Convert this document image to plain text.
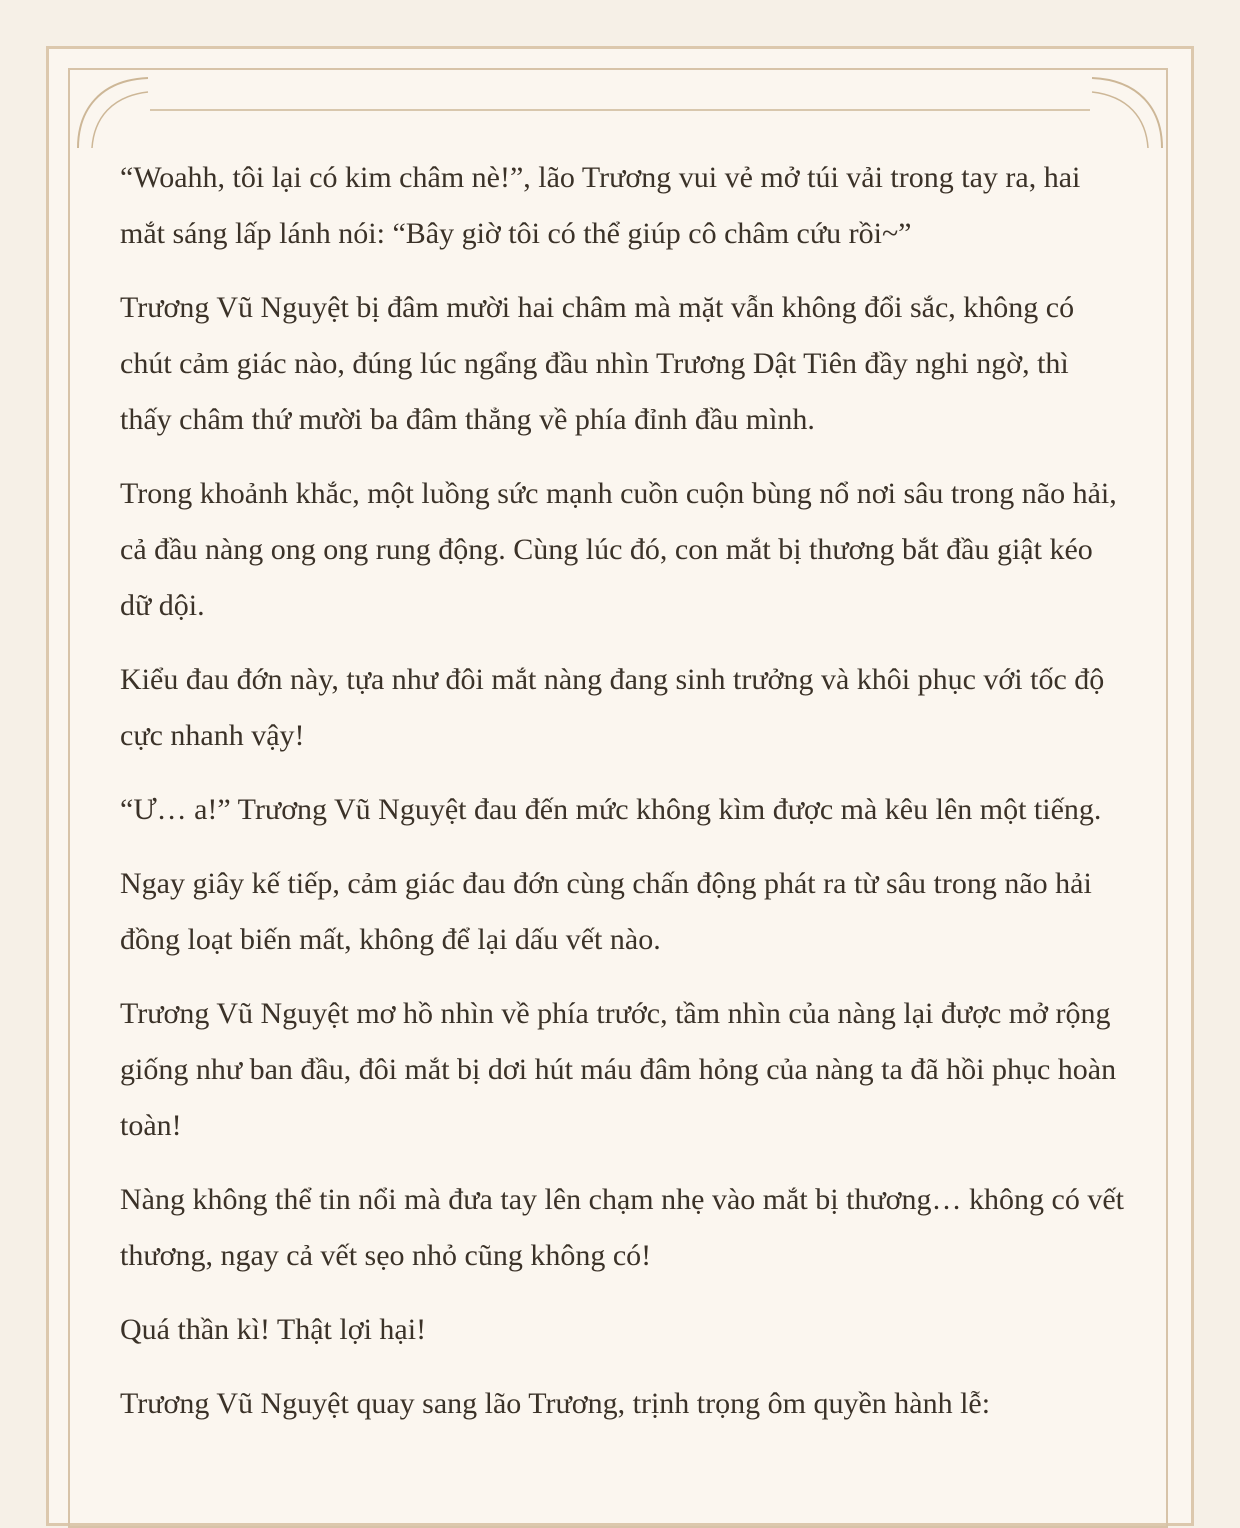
“Woahh, tôi lại có kim châm nè!”, lão Trương vui vẻ mở túi vải trong tay ra, hai mắt sáng lấp lánh nói: “Bây giờ tôi có thể giúp cô châm cứu rồi~”

Trương Vũ Nguyệt bị đâm mười hai châm mà mặt vẫn không đổi sắc, không có chút cảm giác nào, đúng lúc ngẩng đầu nhìn Trương Dật Tiên đầy nghi ngờ, thì thấy châm thứ mười ba đâm thẳng về phía đỉnh đầu mình.

Trong khoảnh khắc, một luồng sức mạnh cuồn cuộn bùng nổ nơi sâu trong não hải, cả đầu nàng ong ong rung động. Cùng lúc đó, con mắt bị thương bắt đầu giật kéo dữ dội.

Kiểu đau đớn này, tựa như đôi mắt nàng đang sinh trưởng và khôi phục với tốc độ cực nhanh vậy!

“Ư… a!” Trương Vũ Nguyệt đau đến mức không kìm được mà kêu lên một tiếng.

Ngay giây kế tiếp, cảm giác đau đớn cùng chấn động phát ra từ sâu trong não hải đồng loạt biến mất, không để lại dấu vết nào.

Trương Vũ Nguyệt mơ hồ nhìn về phía trước, tầm nhìn của nàng lại được mở rộng giống như ban đầu, đôi mắt bị dơi hút máu đâm hỏng của nàng ta đã hồi phục hoàn toàn!

Nàng không thể tin nổi mà đưa tay lên chạm nhẹ vào mắt bị thương… không có vết thương, ngay cả vết sẹo nhỏ cũng không có!

Quá thần kì! Thật lợi hại!

Trương Vũ Nguyệt quay sang lão Trương, trịnh trọng ôm quyền hành lễ:
